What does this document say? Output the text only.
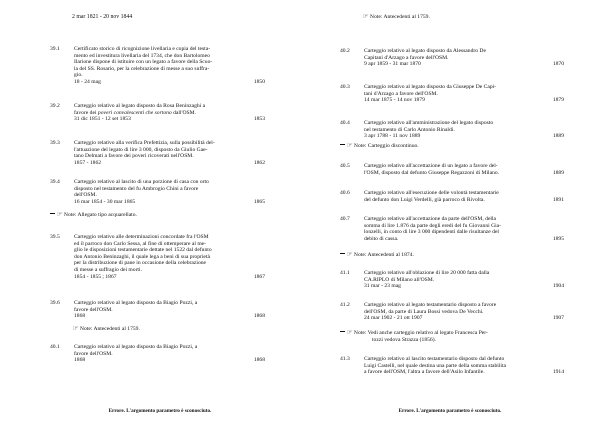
2 mar 1821 - 20 nov 1844
39.1	Certificato storico di ricognizione livellaria e copia del testa-
mento ed investitura livellaria del 1734, che don Bartolomeo
Ilarione dispone di istituire con un legato a favore della Scuo-
la del SS. Rosario, per la celebrazione di messe a suo suffra-
gio.
18 - 24 mag	1850
39.2	Carteggio relativo al legato disposto da Rosa Beninzaghi a
favore dei poveri convalescenti che sortono dall'OSM.
31 dic 1851 - 12 set 1853	1853
39.3	Carteggio relativo alla verifica Prefettizia, sulla possibilità del-
l'attuazione del legato di lire 3 000, disposto da Giulio Gae-
tano Delmati a favore dei poveri ricoverati nell'OSM.
1857 - 1862	1862
39.4	Carteggio relativo al lascito di una porzione di casa con orto
disposto nel testamento del fu Ambrogio Chini a favore
dell'OSM.
16 mar 1854 - 30 mar 1865	1865
☞ Note: Allegato tipo acquarellato.
39.5	Carteggio relativo alle determinazioni concordate fra l'OSM
ed il parroco don Carlo Sessa, al fine di ottemperare al me-
glio le disposizioni testamentarie dettate nel 1522 dal defunto
don Antonio Beninzaghi, il quale lega a beni di sua proprietà
per la distribuzione di pane in occasione della celebrazione
di messe a suffragio dei morti.
1854 - 1855 ; 1867	1867
39.6	Carteggio relativo al legato disposto da Biagio Pozzi, a
favore dell'OSM.
1868	1868
☞ Note: Antecedenti al 1759.
40.1	Carteggio relativo al legato disposto da Biagio Pozzi, a
favore dell'OSM.
1868	1868
Errore. L'argomento parametro è sconosciuto.
☞ Note: Antecedenti al 1759.
40.2	Carteggio relativo al legato disposto da Alessandro De
Capitani d'Arzago a favore dell'OSM.
9 apr 1859 - 31 mar 1870	1870
40.3	Carteggio relativo al legato disposto da Giuseppe De Capi-
tani d'Arzago a favore dell'OSM.
14 mar 1875 - 14 nov 1879	1879
40.4	Carteggio relativo all'amministrazione del legato disposto
nel testamento di Carlo Antonio Rinaldi.
3 apr 1788 - 11 nov 1889	1889
☞ Note: Carteggio discontinuo.
40.5	Carteggio relativo all'accettazione di un legato a favore del-
l'OSM, disposto dal defunto Giuseppe Regazzoni di Milano.	1889
40.6	Carteggio relativo all'esecuzione delle volontà testamentarie
del defunto don Luigi Verdelli, già parroco di Rivolta.	1891
40.7	Carteggio relativo all'accettazione da parte dell'OSM, della
somma di lire 1.876 da parte degli eredi del fu Giovanni Gia-
lonzelli, in conto di lire 3 000 dipendenti dalle risultanze del
debito di cassa.	1895
☞ Note: Antecedenti al 1874.
41.1	Carteggio relativo all'oblazione di lire 20 000 fatta dalla
CA.RIPLO di Milano all'OSM.
31 mar - 23 mag	1904
41.2	Carteggio relativo al legato testamentario disposto a favore
dell'OSM, da parte di Laura Bossi vedova De Vecchi.
24 mar 1902 - 21 ott 1907	1907
☞ Note: Vedi anche carteggio relativo al legato Francesca Per-
tozzi vedova Strazza (1856).
41.3	Carteggio relativo al lascito testamentario disposto dal defunto
Luigi Castelli, nel quale destina una parte della somma stabilita
a favore dell'OSM, l'altra a favore dell'Asilo Infantile.	1914
Errore. L'argomento parametro è sconosciuto.
